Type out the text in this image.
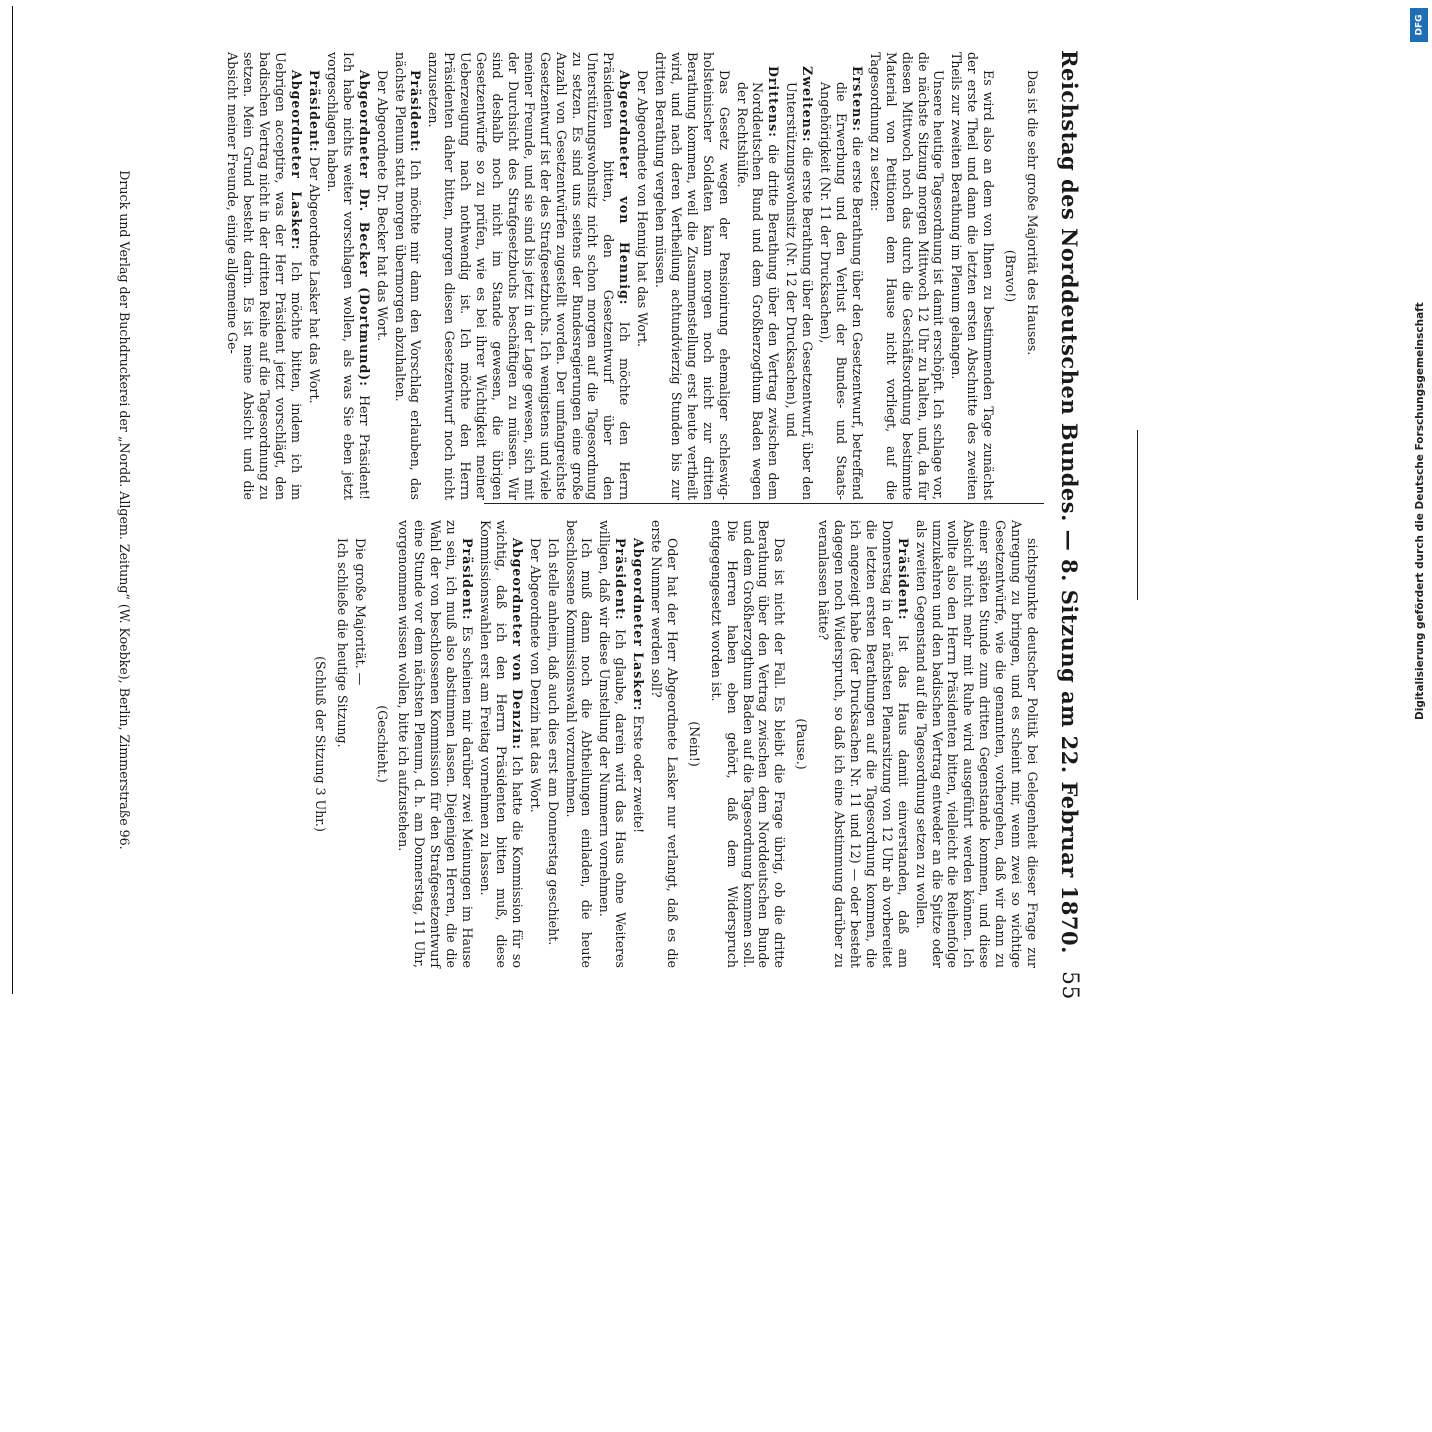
Reichstag des Norddeutschen Bundes. — 8. Sitzung am 22. Februar 1870.
55

Das ist die sehr große Majorität des Hauses.

(Bravo!)

Es wird also an dem von Ihnen zu bestimmenden Tage zunächst der erste Theil und dann die letzten ersten Abschnitte des zweiten Theils zur zweiten Berathung im Plenum gelangen.

Unsere heutige Tagesordnung ist damit erschöpft. Ich schlage vor, die nächste Sitzung morgen Mittwoch 12 Uhr zu halten, und, da für diesen Mittwoch noch das durch die Geschäftsordnung bestimmte Material von Petitionen dem Hause nicht vorliegt, auf die Tagesordnung zu setzen:

Erstens: die erste Berathung über den Gesetzentwurf, betreffend die Erwerbung und den Verlust der Bundes- und Staats-Angehörigkeit (Nr. 11 der Drucksachen),

Zweitens: die erste Berathung über den Gesetzentwurf, über den Unterstützungswohnsitz (Nr. 12 der Drucksachen), und

Drittens: die dritte Berathung über den Vertrag zwischen dem Norddeutschen Bund und dem Großherzogthum Baden wegen der Rechtshülfe.

Das Gesetz wegen der Pensionirung ehemaliger schleswig-holsteinischer Soldaten kann morgen noch nicht zur dritten Berathung kommen, weil die Zusammenstellung erst heute vertheilt wird, und nach deren Vertheilung achtundvierzig Stunden bis zur dritten Berathung vergehen müssen.

Der Abgeordnete von Hennig hat das Wort.

Abgeordneter von Hennig: Ich möchte den Herrn Präsidenten bitten, den Gesetzentwurf über den Unterstützungswohnsitz nicht schon morgen auf die Tagesordnung zu setzen. Es sind uns seitens der Bundesregierungen eine große Anzahl von Gesetzentwürfen zugestellt worden. Der umfangreichste Gesetzentwurf ist der des Strafgesetzbuchs. Ich wenigstens und viele meiner Freunde, und sie sind bis jetzt in der Lage gewesen, sich mit der Durchsicht des Strafgesetzbuchs beschäftigen zu müssen. Wir sind deshalb noch nicht im Stande gewesen, die übrigen Gesetzentwürfe so zu prüfen, wie es bei ihrer Wichtigkeit meiner Ueberzeugung nach nothwendig ist. Ich möchte den Herrn Präsidenten daher bitten, morgen diesen Gesetzentwurf noch nicht anzusetzen.

Präsident: Ich möchte mir dann den Vorschlag erlauben, das nächste Plenum statt morgen übermorgen abzuhalten.

Der Abgeordnete Dr. Becker hat das Wort.

Abgeordneter Dr. Becker (Dortmund): Herr Präsident! Ich habe nichts weiter vorschlagen wollen, als was Sie eben jetzt vorgeschlagen haben.

Präsident: Der Abgeordnete Lasker hat das Wort.

Abgeordneter Lasker: Ich möchte bitten, indem ich im Uebrigen acceptire, was der Herr Präsident jetzt vorschlägt, den badischen Vertrag nicht in der dritten Reihe auf die Tagesordnung zu setzen. Mein Grund besteht darin. Es ist meine Absicht und die Absicht meiner Freunde, einige allgemeine Ge-

sichtspunkte deutscher Politik bei Gelegenheit dieser Frage zur Anregung zu bringen, und es scheint mir, wenn zwei so wichtige Gesetzentwürfe, wie die genannten, vorhergehen, daß wir dann zu einer späten Stunde zum dritten Gegenstande kommen, und diese Absicht nicht mehr mit Ruhe wird ausgeführt werden können. Ich wollte also den Herrn Präsidenten bitten, vielleicht die Reihenfolge umzukehren und den badischen Vertrag entweder an die Spitze oder als zweiten Gegenstand auf die Tagesordnung setzen zu wollen.

Präsident: Ist das Haus damit einverstanden, daß am Donnerstag in der nächsten Plenarsitzung von 12 Uhr ab vorbereitet die letzten ersten Berathungen auf die Tagesordnung kommen, die ich angezeigt habe (der Drucksachen Nr. 11 und 12) — oder besteht dagegen noch Widerspruch, so daß ich eine Abstimmung darüber zu veranlassen hätte?

(Pause.)

Das ist nicht der Fall. Es bleibt die Frage übrig, ob die dritte Berathung über den Vertrag zwischen dem Norddeutschen Bunde und dem Großherzogthum Baden auf die Tagesordnung kommen soll. Die Herren haben eben gehört, daß dem Widerspruch entgegengesetzt worden ist.

(Nein!)

Oder hat der Herr Abgeordnete Lasker nur verlangt, daß es die erste Nummer werden soll?

Abgeordneter Lasker: Erste oder zweite!

Präsident: Ich glaube, darein wird das Haus ohne Weiteres willigen, daß wir diese Umstellung der Nummern vornehmen.

Ich muß dann noch die Abtheilungen einladen, die heute beschlossene Kommissionswahl vorzunehmen.

Ich stelle anheim, daß auch dies erst am Donnerstag geschieht.

Der Abgeordnete von Denzin hat das Wort.

Abgeordneter von Denzin: Ich hatte die Kommission für so wichtig, daß ich den Herrn Präsidenten bitten muß, diese Kommissionswahlen erst am Freitag vornehmen zu lassen.

Präsident: Es scheinen mir darüber zwei Meinungen im Hause zu sein, ich muß also abstimmen lassen. Diejenigen Herren, die die Wahl der von beschlossenen Kommission für den Strafgesetzentwurf eine Stunde vor dem nächsten Plenum, d. h. am Donnerstag, 11 Uhr, vorgenommen wissen wollen, bitte ich aufzustehen.

(Geschieht.)

Die große Majorität. —

Ich schließe die heutige Sitzung.

(Schluß der Sitzung 3 Uhr.)

Druck und Verlag der Buchdruckerei der „Nordd. Allgem. Zeitung“ (W. Koebke), Berlin, Zimmerstraße 96.
DFG
Digitalisierung gefördert durch die Deutsche Forschungsgemeinschaft
